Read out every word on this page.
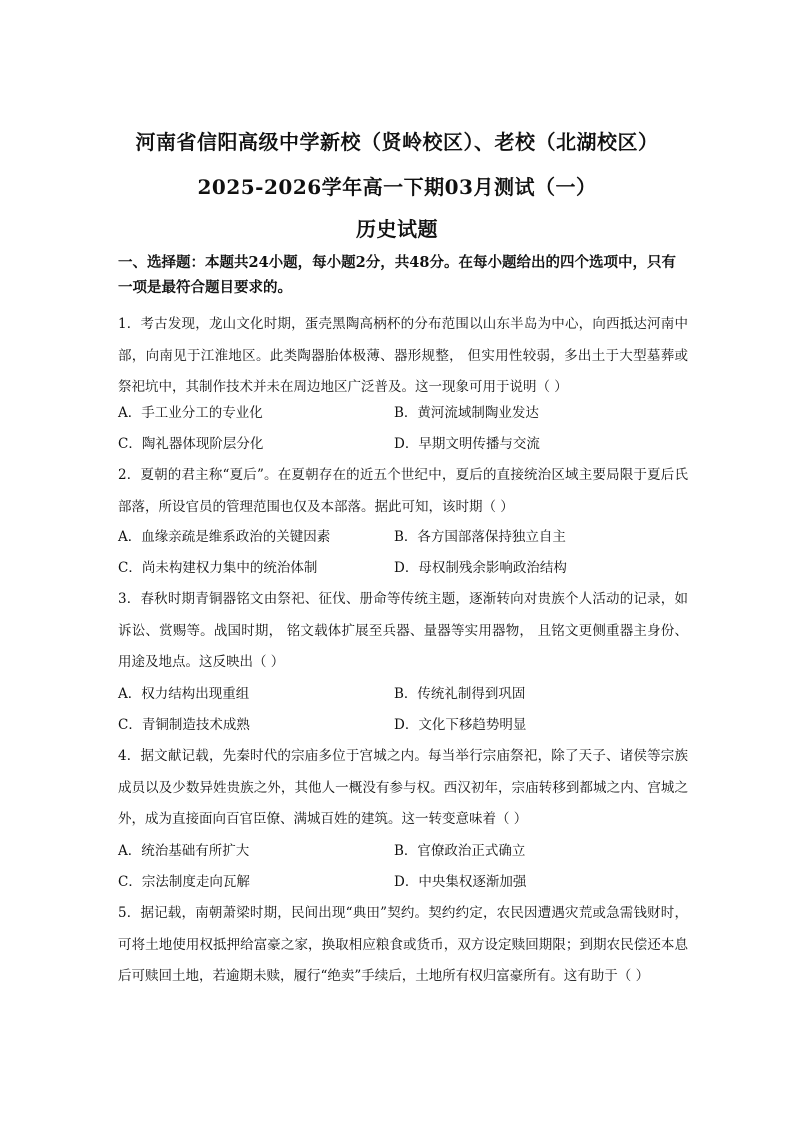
河南省信阳高级中学新校（贤岭校区）、老校（北湖校区）
2025-2026学年高一下期03月测试（一）
历史试题
一、选择题：本题共24小题，每小题2分，共48分。在每小题给出的四个选项中，只有一项是最符合题目要求的。
1．考古发现，龙山文化时期，蛋壳黑陶高柄杯的分布范围以山东半岛为中心，向西抵达河南中部，向南见于江淮地区。此类陶器胎体极薄、器形规整， 但实用性较弱，多出土于大型墓葬或祭祀坑中，其制作技术并未在周边地区广泛普及。这一现象可用于说明（ ）
A．手工业分工的专业化	B．黄河流域制陶业发达
C．陶礼器体现阶层分化	D．早期文明传播与交流
2．夏朝的君主称“夏后”。在夏朝存在的近五个世纪中，夏后的直接统治区域主要局限于夏后氏部落，所设官员的管理范围也仅及本部落。据此可知，该时期（ ）
A．血缘亲疏是维系政治的关键因素	B．各方国部落保持独立自主
C．尚未构建权力集中的统治体制	D．母权制残余影响政治结构
3．春秋时期青铜器铭文由祭祀、征伐、册命等传统主题，逐渐转向对贵族个人活动的记录，如诉讼、赏赐等。战国时期， 铭文载体扩展至兵器、量器等实用器物， 且铭文更侧重器主身份、用途及地点。这反映出（ ）
A．权力结构出现重组	B．传统礼制得到巩固
C．青铜制造技术成熟	D．文化下移趋势明显
4．据文献记载，先秦时代的宗庙多位于宫城之内。每当举行宗庙祭祀，除了天子、诸侯等宗族成员以及少数异姓贵族之外，其他人一概没有参与权。西汉初年，宗庙转移到都城之内、宫城之外，成为直接面向百官臣僚、满城百姓的建筑。这一转变意味着（ ）
A．统治基础有所扩大	B．官僚政治正式确立
C．宗法制度走向瓦解	D．中央集权逐渐加强
5．据记载，南朝萧梁时期，民间出现“典田”契约。契约约定，农民因遭遇灾荒或急需钱财时，可将土地使用权抵押给富豪之家，换取相应粮食或货币，双方设定赎回期限；到期农民偿还本息后可赎回土地，若逾期未赎，履行“绝卖”手续后，土地所有权归富豪所有。这有助于（ ）
